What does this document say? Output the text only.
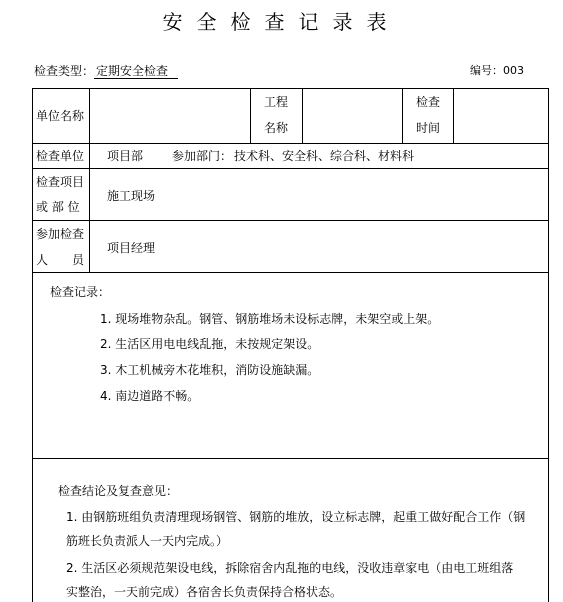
安全检查记录表
检查类型： 定期安全检查	编号：003
单位名称
工程
名称
检查
时间
检查单位 项目部 参加部门： 技术科、安全科、综合科、材料科
检查项目
或 部 位
施工现场
参加检查
人　　员
项目经理
检查记录：
1. 现场堆物杂乱。钢管、钢筋堆场未设标志牌，未架空或上架。
2. 生活区用电电线乱拖，未按规定架设。
3. 木工机械旁木花堆积，消防设施缺漏。
4. 南边道路不畅。
检查结论及复查意见：
1. 由钢筋班组负责清理现场钢管、钢筋的堆放，设立标志牌，起重工做好配合工作（钢
筋班长负责派人一天内完成。）
2. 生活区必须规范架设电线，拆除宿舍内乱拖的电线，没收违章家电（由电工班组落
实整治，一天前完成）各宿舍长负责保持合格状态。
